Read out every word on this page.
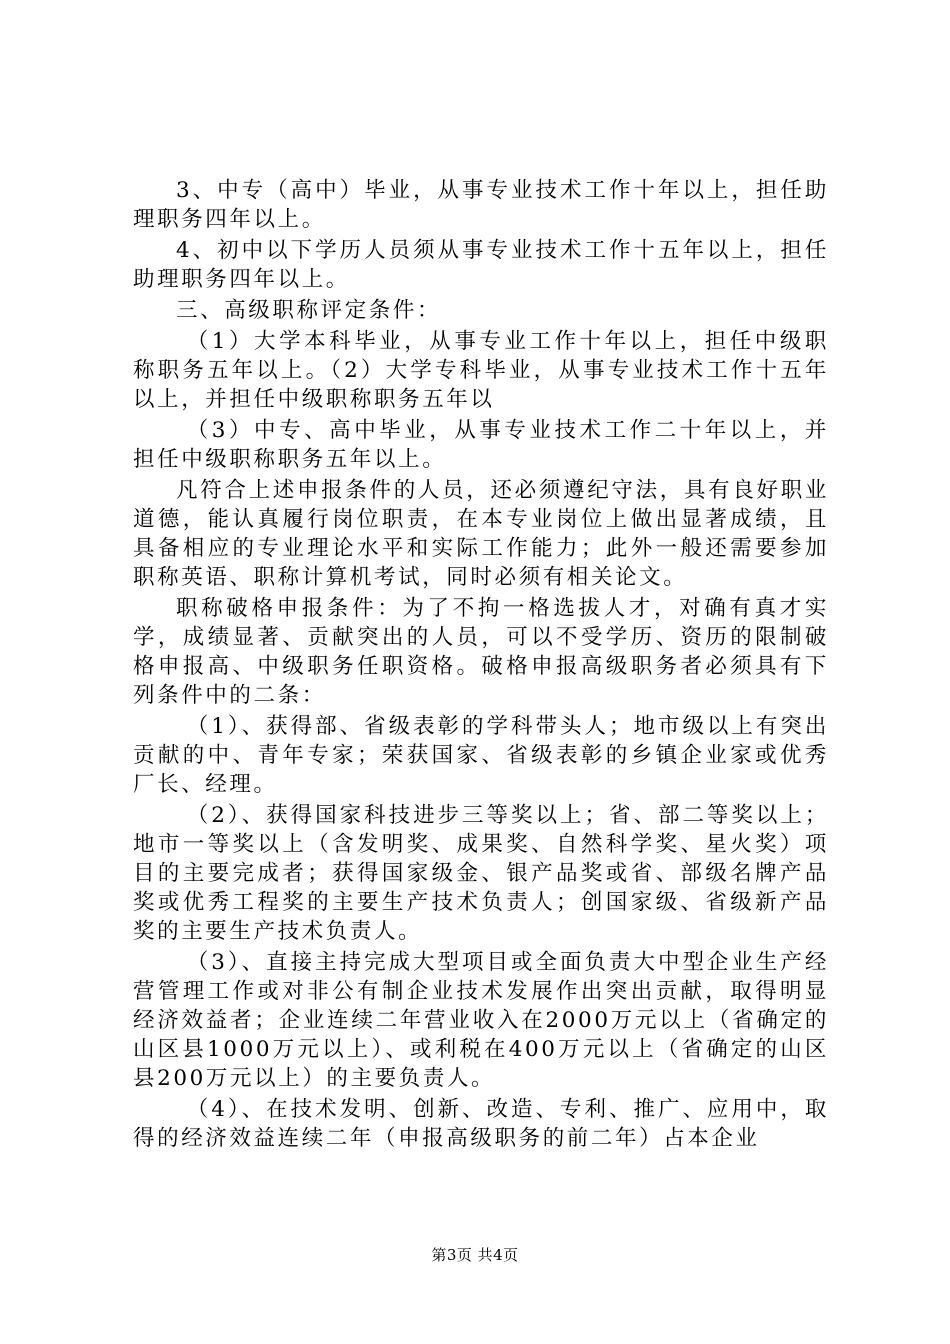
3、中专（高中）毕业，从事专业技术工作十年以上，担任助理职务四年以上。

4、初中以下学历人员须从事专业技术工作十五年以上，担任助理职务四年以上。

三、高级职称评定条件：

（1）大学本科毕业，从事专业工作十年以上，担任中级职称职务五年以上。（2）大学专科毕业，从事专业技术工作十五年以上，并担任中级职称职务五年以

（3）中专、高中毕业，从事专业技术工作二十年以上，并担任中级职称职务五年以上。

凡符合上述申报条件的人员，还必须遵纪守法，具有良好职业道德，能认真履行岗位职责，在本专业岗位上做出显著成绩，且具备相应的专业理论水平和实际工作能力；此外一般还需要参加职称英语、职称计算机考试，同时必须有相关论文。

职称破格申报条件：为了不拘一格选拔人才，对确有真才实学，成绩显著、贡献突出的人员，可以不受学历、资历的限制破格申报高、中级职务任职资格。破格申报高级职务者必须具有下列条件中的二条：

（1）、获得部、省级表彰的学科带头人；地市级以上有突出贡献的中、青年专家；荣获国家、省级表彰的乡镇企业家或优秀厂长、经理。

（2）、获得国家科技进步三等奖以上；省、部二等奖以上；地市一等奖以上（含发明奖、成果奖、自然科学奖、星火奖）项目的主要完成者；获得国家级金、银产品奖或省、部级名牌产品奖或优秀工程奖的主要生产技术负责人；创国家级、省级新产品奖的主要生产技术负责人。

（3）、直接主持完成大型项目或全面负责大中型企业生产经营管理工作或对非公有制企业技术发展作出突出贡献，取得明显经济效益者；企业连续二年营业收入在2000万元以上（省确定的山区县1000万元以上）、或利税在400万元以上（省确定的山区县200万元以上）的主要负责人。

（4）、在技术发明、创新、改造、专利、推广、应用中，取得的经济效益连续二年（申报高级职务的前二年）占本企业

第3页 共4页
